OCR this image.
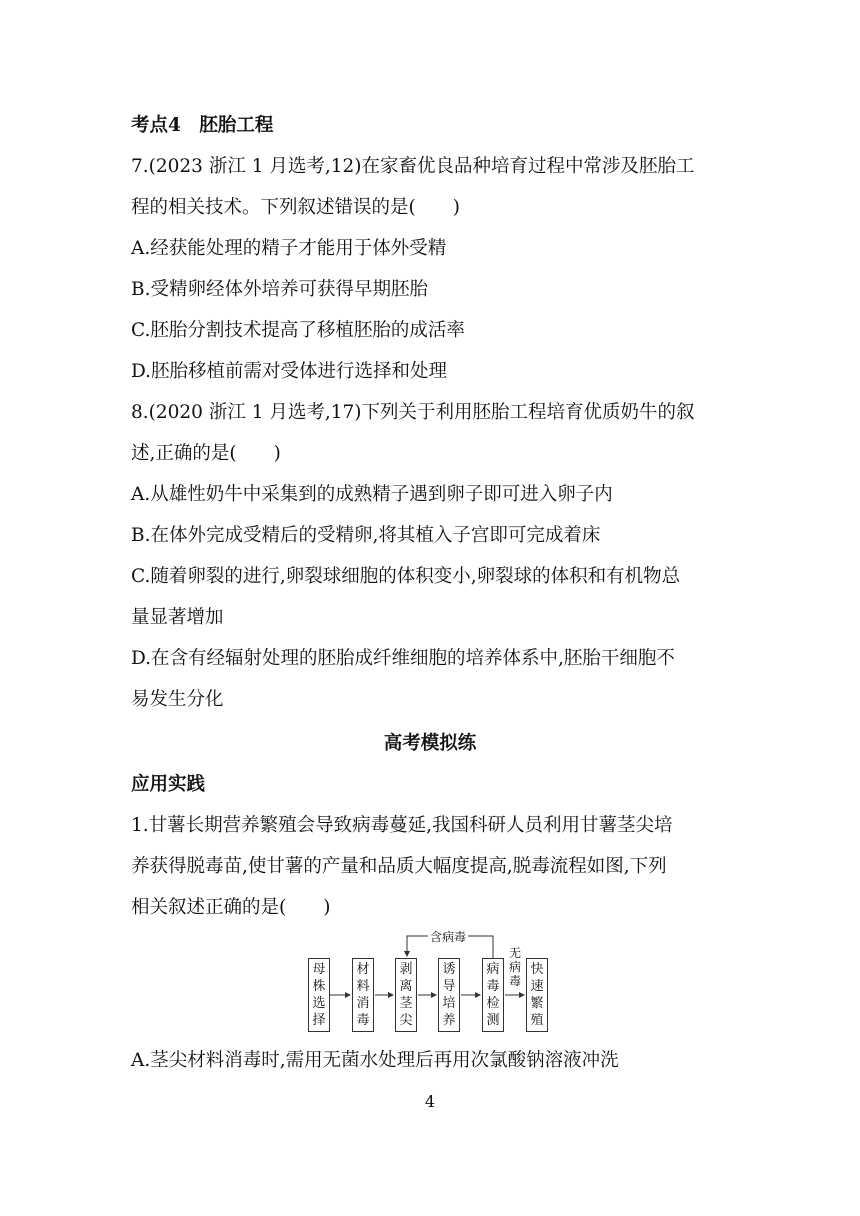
考点4　胚胎工程
7.(2023 浙江 1 月选考,12)在家畜优良品种培育过程中常涉及胚胎工
程的相关技术。下列叙述错误的是(　　)
A.经获能处理的精子才能用于体外受精
B.受精卵经体外培养可获得早期胚胎
C.胚胎分割技术提高了移植胚胎的成活率
D.胚胎移植前需对受体进行选择和处理
8.(2020 浙江 1 月选考,17)下列关于利用胚胎工程培育优质奶牛的叙
述,正确的是(　　)
A.从雄性奶牛中采集到的成熟精子遇到卵子即可进入卵子内
B.在体外完成受精后的受精卵,将其植入子宫即可完成着床
C.随着卵裂的进行,卵裂球细胞的体积变小,卵裂球的体积和有机物总
量显著增加
D.在含有经辐射处理的胚胎成纤维细胞的培养体系中,胚胎干细胞不
易发生分化
高考模拟练
应用实践
1.甘薯长期营养繁殖会导致病毒蔓延,我国科研人员利用甘薯茎尖培
养获得脱毒苗,使甘薯的产量和品质大幅度提高,脱毒流程如图,下列
相关叙述正确的是(　　)
含病毒
无
病
毒
母
株
选
择
材
料
消
毒
剥
离
茎
尖
诱
导
培
养
病
毒
检
测
快
速
繁
殖
A.茎尖材料消毒时,需用无菌水处理后再用次氯酸钠溶液冲洗
4
